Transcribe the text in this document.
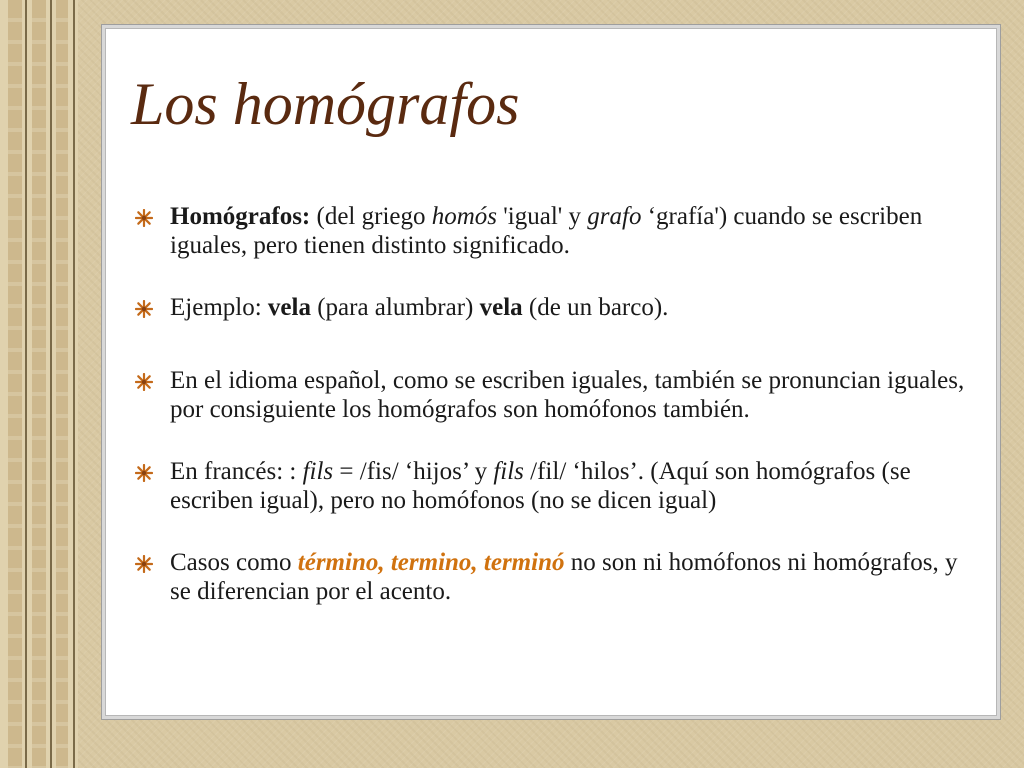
Los homógrafos
Homógrafos: (del griego homós 'igual' y grafo ‘grafía') cuando se escriben iguales, pero tienen distinto significado.
Ejemplo: vela (para alumbrar) vela (de un barco).
En el idioma español, como se escriben iguales, también se pronuncian iguales, por consiguiente los homógrafos son homófonos también.
En francés: : fils = /fis/ ‘hijos’ y fils /fil/ ‘hilos’. (Aquí son homógrafos (se escriben igual), pero no homófonos (no se dicen igual)
Casos como término, termino, terminó no son ni homófonos ni homógrafos, y se diferencian por el acento.
